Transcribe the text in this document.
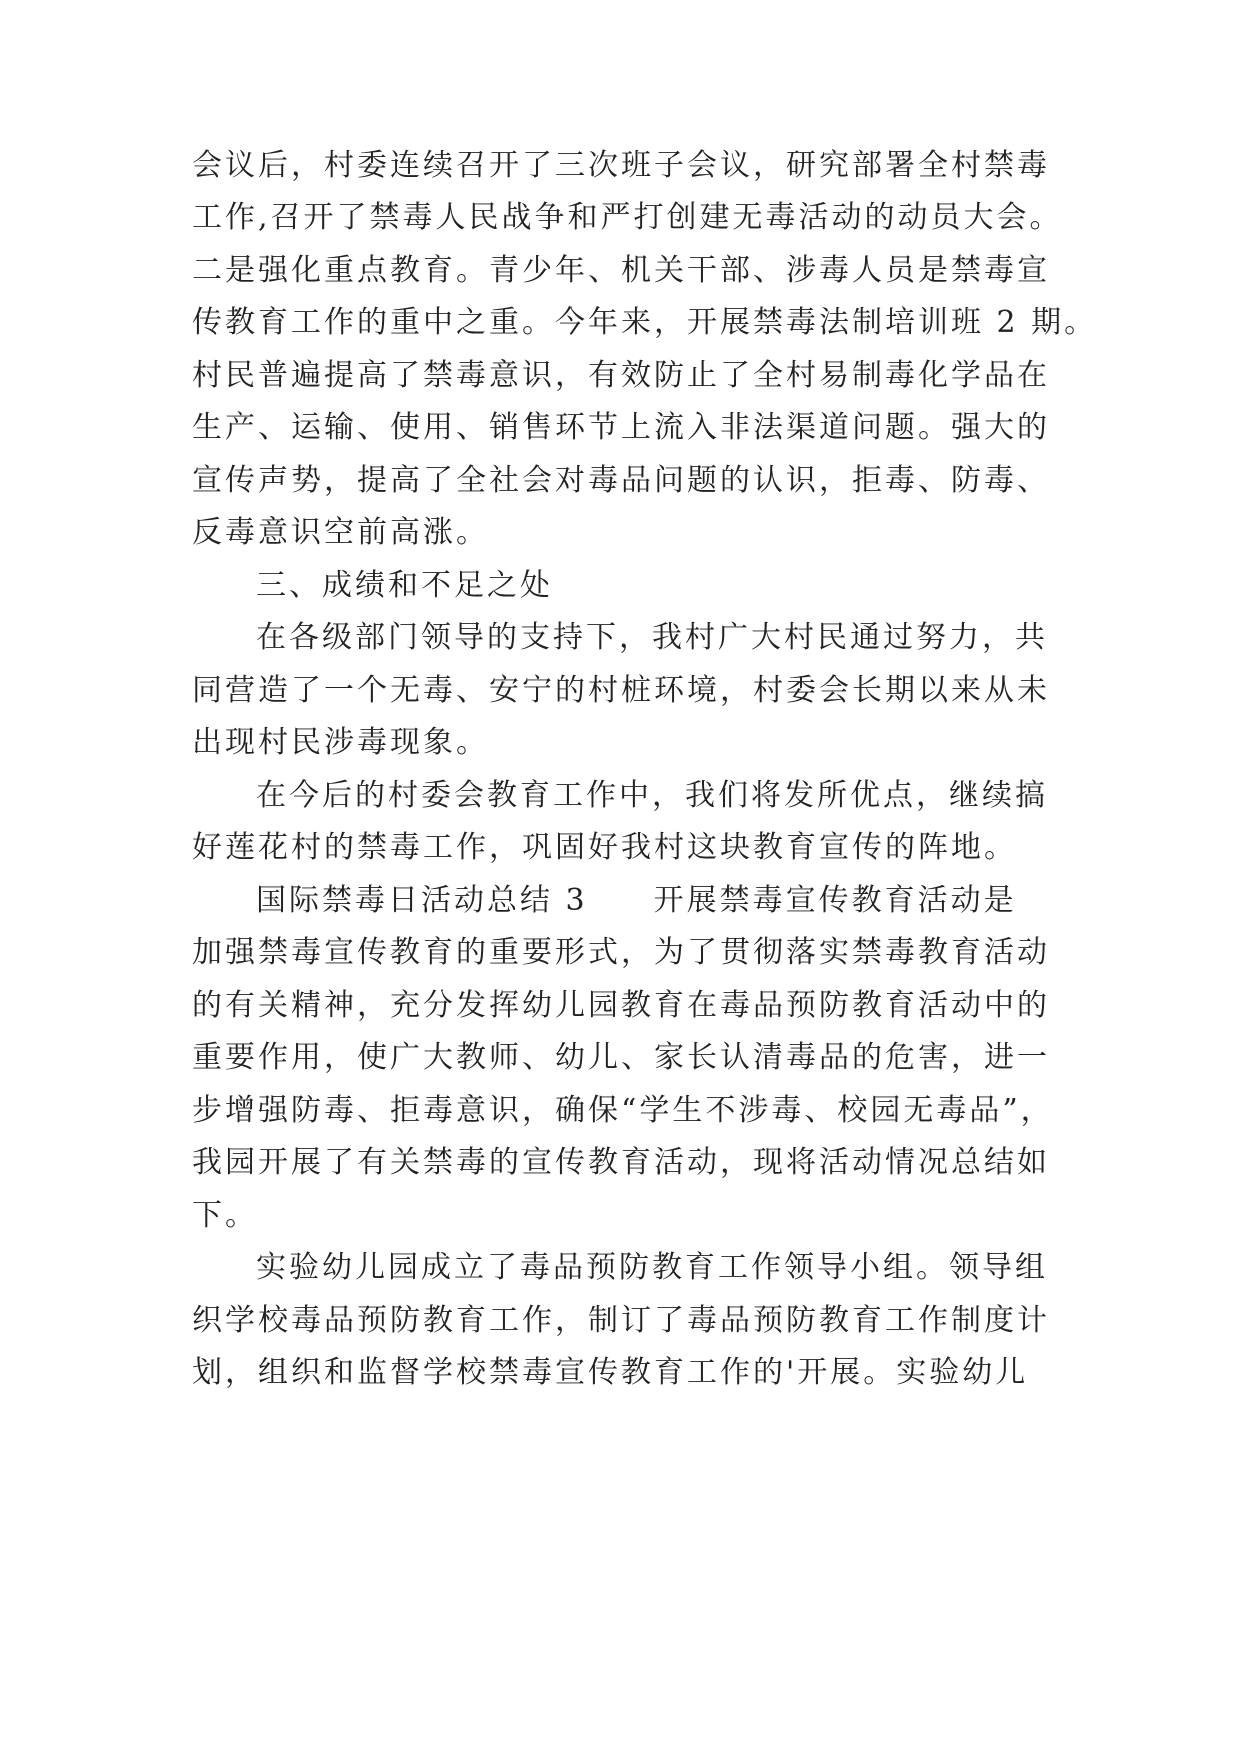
会议后，村委连续召开了三次班子会议，研究部署全村禁毒
工作,召开了禁毒人民战争和严打创建无毒活动的动员大会。
二是强化重点教育。青少年、机关干部、涉毒人员是禁毒宣
传教育工作的重中之重。今年来，开展禁毒法制培训班 2 期。
村民普遍提高了禁毒意识，有效防止了全村易制毒化学品在
生产、运输、使用、销售环节上流入非法渠道问题。强大的
宣传声势，提高了全社会对毒品问题的认识，拒毒、防毒、
反毒意识空前高涨。
三、成绩和不足之处
在各级部门领导的支持下，我村广大村民通过努力，共
同营造了一个无毒、安宁的村桩环境，村委会长期以来从未
出现村民涉毒现象。
在今后的村委会教育工作中，我们将发所优点，继续搞
好莲花村的禁毒工作，巩固好我村这块教育宣传的阵地。
国际禁毒日活动总结 3　　开展禁毒宣传教育活动是
加强禁毒宣传教育的重要形式，为了贯彻落实禁毒教育活动
的有关精神，充分发挥幼儿园教育在毒品预防教育活动中的
重要作用，使广大教师、幼儿、家长认清毒品的危害，进一
步增强防毒、拒毒意识，确保“学生不涉毒、校园无毒品”，
我园开展了有关禁毒的宣传教育活动，现将活动情况总结如
下。
实验幼儿园成立了毒品预防教育工作领导小组。领导组
织学校毒品预防教育工作，制订了毒品预防教育工作制度计
划，组织和监督学校禁毒宣传教育工作的'开展。实验幼儿
